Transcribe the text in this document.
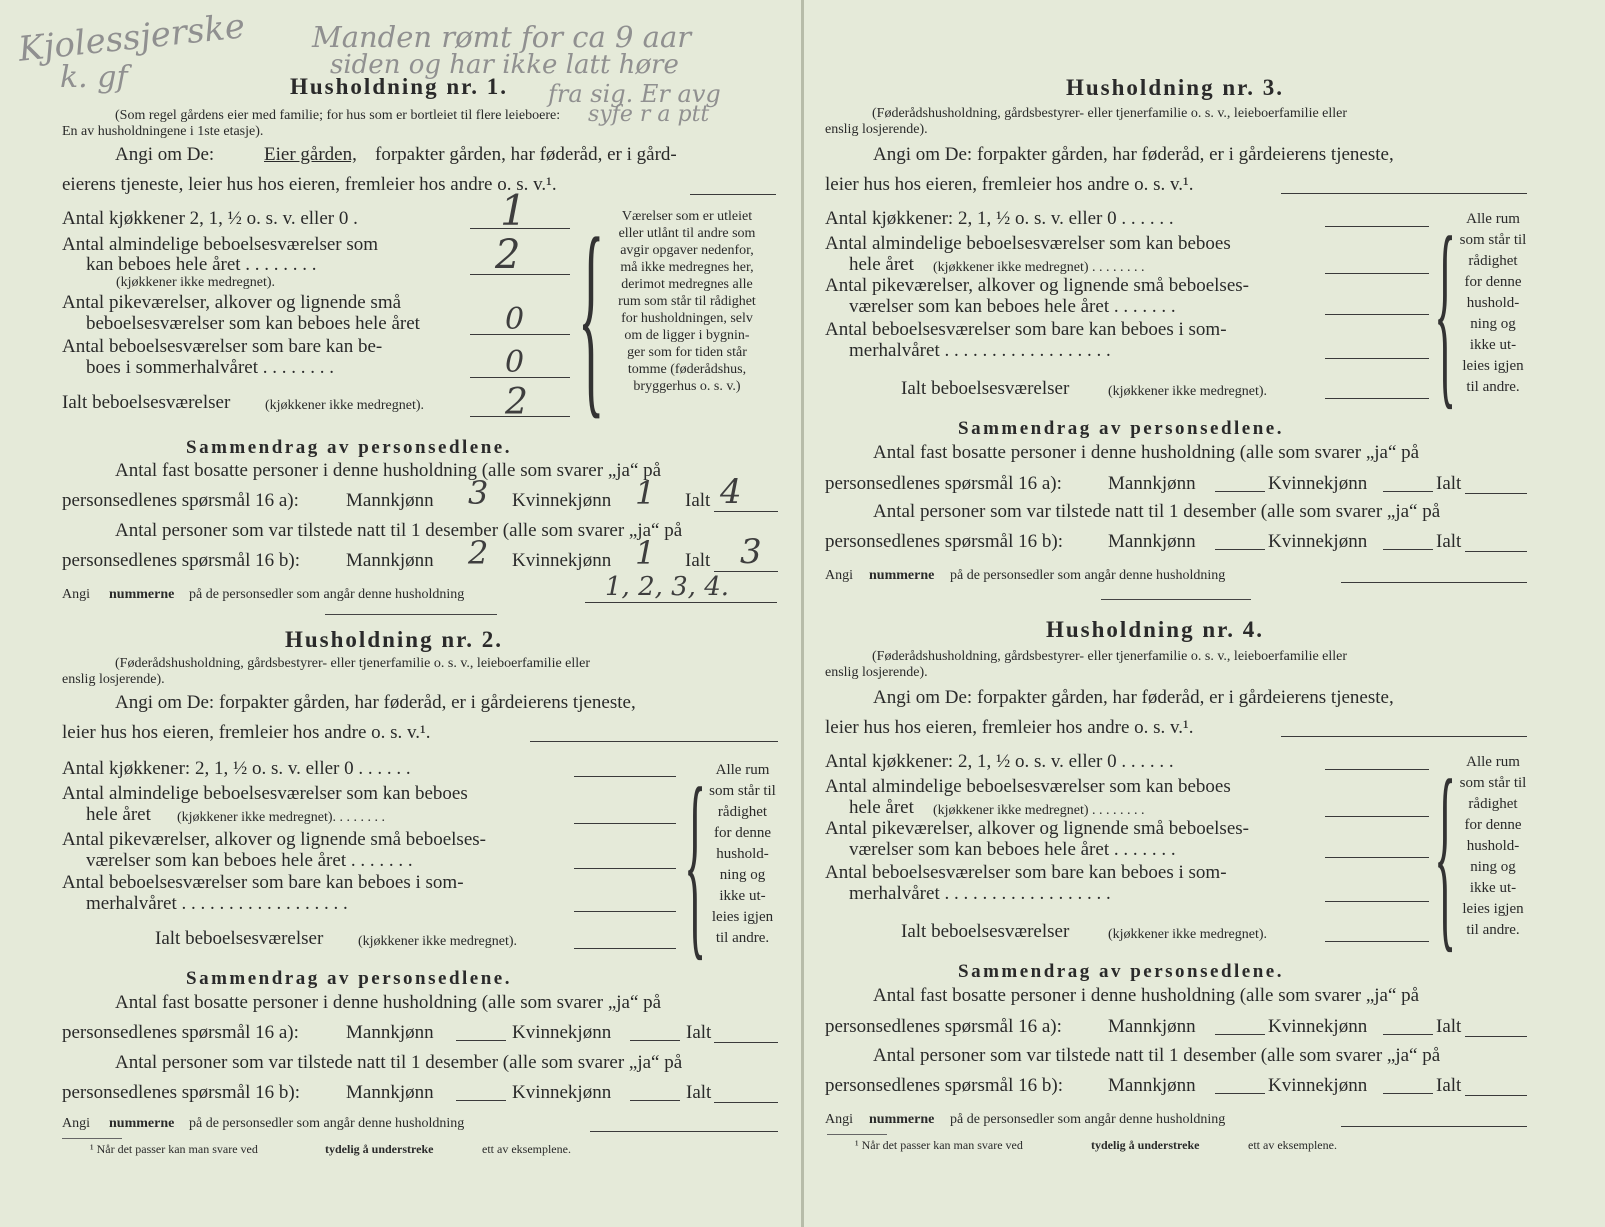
Kjolessjerske
k. gf
Manden rømt for ca 9 aar
siden og har ikke latt høre
fra sig. Er avg
syfe r a ptt
Husholdning nr. 1.
(Som regel gårdens eier med familie; for hus som er bortleiet til flere leieboere:
En av husholdningene i 1ste etasje).
Angi om De:	Eier gården, forpakter gården, har føderåd, er i gård-
eierens tjeneste, leier hus hos eieren, fremleier hos andre o. s. v.¹.
Antal kjøkkener 2, 1, ½ o. s. v. eller 0 .	1
Antal almindelige beboelsesværelser som
kan beboes hele året . . . . . . . .
(kjøkkener ikke medregnet).
2
Antal pikeværelser, alkover og lignende små
beboelsesværelser som kan beboes hele året	0
Antal beboelsesværelser som bare kan be-
boes i sommerhalvåret . . . . . . . .	0
Ialt beboelsesværelser (kjøkkener ikke medregnet). 2 {	Værelser som er utleiet
eller utlånt til andre som
avgir opgaver nedenfor,
må ikke medregnes her,
derimot medregnes alle
rum som står til rådighet
for husholdningen, selv
om de ligger i bygnin-
ger som for tiden står
tomme (føderådshus,
bryggerhus o. s. v.)
Sammendrag av personsedlene.
Antal fast bosatte personer i denne husholdning (alle som svarer „ja“ på
personsedlenes spørsmål 16 a): Mannkjønn 3 Kvinnekjønn 1 Ialt 4
Antal personer som var tilstede natt til 1 desember (alle som svarer „ja“ på
personsedlenes spørsmål 16 b): Mannkjønn 2 Kvinnekjønn 1 Ialt 3
Angi nummerne på de personsedler som angår denne husholdning	1, 2, 3, 4.
Husholdning nr. 2.
(Føderådshusholdning, gårdsbestyrer- eller tjenerfamilie o. s. v., leieboerfamilie eller
enslig losjerende).
Angi om De: forpakter gården, har føderåd, er i gårdeierens tjeneste,
leier hus hos eieren, fremleier hos andre o. s. v.¹.
Antal kjøkkener: 2, 1, ½ o. s. v. eller 0 . . . . . .
Antal almindelige beboelsesværelser som kan beboes
hele året (kjøkkener ikke medregnet). . . . . . . .
Antal pikeværelser, alkover og lignende små beboelses-
værelser som kan beboes hele året . . . . . . .
Antal beboelsesværelser som bare kan beboes i som-
merhalvåret . . . . . . . . . . . . . . . . . .
Ialt beboelsesværelser (kjøkkener ikke medregnet). { Alle rum
som står til
rådighet
for denne
hushold-
ning og
ikke ut-
leies igjen
til andre.
Sammendrag av personsedlene.
Antal fast bosatte personer i denne husholdning (alle som svarer „ja“ på
personsedlenes spørsmål 16 a): Mannkjønn	Kvinnekjønn	Ialt
Antal personer som var tilstede natt til 1 desember (alle som svarer „ja“ på
personsedlenes spørsmål 16 b): Mannkjønn	Kvinnekjønn	Ialt
Angi nummerne på de personsedler som angår denne husholdning
¹ Når det passer kan man svare ved	tydelig å understreke	ett av eksemplene.
Husholdning nr. 3.
(Føderådshusholdning, gårdsbestyrer- eller tjenerfamilie o. s. v., leieboerfamilie eller
enslig losjerende).
Angi om De: forpakter gården, har føderåd, er i gårdeierens tjeneste,
leier hus hos eieren, fremleier hos andre o. s. v.¹.
Antal kjøkkener: 2, 1, ½ o. s. v. eller 0 . . . . . .
Antal almindelige beboelsesværelser som kan beboes
hele året (kjøkkener ikke medregnet) . . . . . . . .
Antal pikeværelser, alkover og lignende små beboelses-
værelser som kan beboes hele året . . . . . . .
Antal beboelsesværelser som bare kan beboes i som-
merhalvåret . . . . . . . . . . . . . . . . . .
Ialt beboelsesværelser	(kjøkkener ikke medregnet). { Alle rum
som står til
rådighet
for denne
hushold-
ning og
ikke ut-
leies igjen
til andre.
Sammendrag av personsedlene.
Antal fast bosatte personer i denne husholdning (alle som svarer „ja“ på
personsedlenes spørsmål 16 a): Mannkjønn	Kvinnekjønn	Ialt
Antal personer som var tilstede natt til 1 desember (alle som svarer „ja“ på
personsedlenes spørsmål 16 b): Mannkjønn	Kvinnekjønn	Ialt
Angi nummerne på de personsedler som angår denne husholdning
Husholdning nr. 4.
(Føderådshusholdning, gårdsbestyrer- eller tjenerfamilie o. s. v., leieboerfamilie eller
enslig losjerende).
Angi om De: forpakter gården, har føderåd, er i gårdeierens tjeneste,
leier hus hos eieren, fremleier hos andre o. s. v.¹.
Antal kjøkkener: 2, 1, ½ o. s. v. eller 0 . . . . . .
Antal almindelige beboelsesværelser som kan beboes
hele året (kjøkkener ikke medregnet) . . . . . . . .
Antal pikeværelser, alkover og lignende små beboelses-
værelser som kan beboes hele året . . . . . . .
Antal beboelsesværelser som bare kan beboes i som-
merhalvåret . . . . . . . . . . . . . . . . . .
Ialt beboelsesværelser	(kjøkkener ikke medregnet). { Alle rum
som står til
rådighet
for denne
hushold-
ning og
ikke ut-
leies igjen
til andre.
Sammendrag av personsedlene.
Antal fast bosatte personer i denne husholdning (alle som svarer „ja“ på
personsedlenes spørsmål 16 a): Mannkjønn	Kvinnekjønn	Ialt
Antal personer som var tilstede natt til 1 desember (alle som svarer „ja“ på
personsedlenes spørsmål 16 b): Mannkjønn	Kvinnekjønn	Ialt
Angi nummerne på de personsedler som angår denne husholdning
¹ Når det passer kan man svare ved	tydelig å understreke	ett av eksemplene.
